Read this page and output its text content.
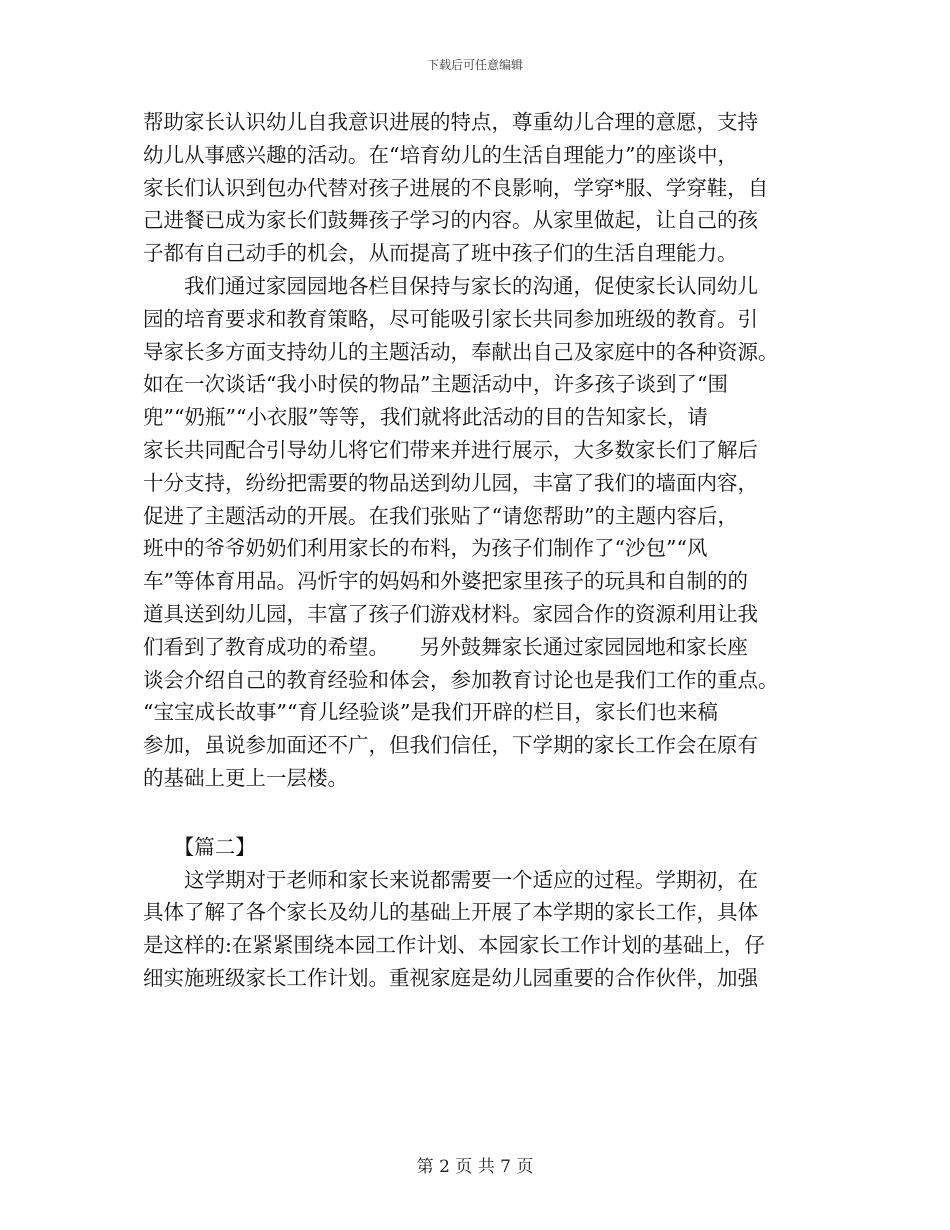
下载后可任意编辑
帮助家长认识幼儿自我意识进展的特点，尊重幼儿合理的意愿，支持
幼儿从事感兴趣的活动。在“培育幼儿的生活自理能力”的座谈中，
家长们认识到包办代替对孩子进展的不良影响，学穿*服、学穿鞋，自
己进餐已成为家长们鼓舞孩子学习的内容。从家里做起，让自己的孩
子都有自己动手的机会，从而提高了班中孩子们的生活自理能力。
　　我们通过家园园地各栏目保持与家长的沟通，促使家长认同幼儿
园的培育要求和教育策略，尽可能吸引家长共同参加班级的教育。引
导家长多方面支持幼儿的主题活动，奉献出自己及家庭中的各种资源。
如在一次谈话“我小时侯的物品”主题活动中，许多孩子谈到了“围
兜”“奶瓶”“小衣服”等等，我们就将此活动的目的告知家长，请
家长共同配合引导幼儿将它们带来并进行展示，大多数家长们了解后
十分支持，纷纷把需要的物品送到幼儿园，丰富了我们的墙面内容，
促进了主题活动的开展。在我们张贴了“请您帮助”的主题内容后，
班中的爷爷奶奶们利用家长的布料，为孩子们制作了“沙包”“风
车”等体育用品。冯忻宇的妈妈和外婆把家里孩子的玩具和自制的的
道具送到幼儿园，丰富了孩子们游戏材料。家园合作的资源利用让我
们看到了教育成功的希望。　　另外鼓舞家长通过家园园地和家长座
谈会介绍自己的教育经验和体会，参加教育讨论也是我们工作的重点。
“宝宝成长故事”“育儿经验谈”是我们开辟的栏目，家长们也来稿
参加，虽说参加面还不广，但我们信任，下学期的家长工作会在原有
的基础上更上一层楼。
　　【篇二】
　　这学期对于老师和家长来说都需要一个适应的过程。学期初，在
具体了解了各个家长及幼儿的基础上开展了本学期的家长工作，具体
是这样的:在紧紧围绕本园工作计划、本园家长工作计划的基础上，仔
细实施班级家长工作计划。重视家庭是幼儿园重要的合作伙伴，加强
第 2 页 共 7 页
